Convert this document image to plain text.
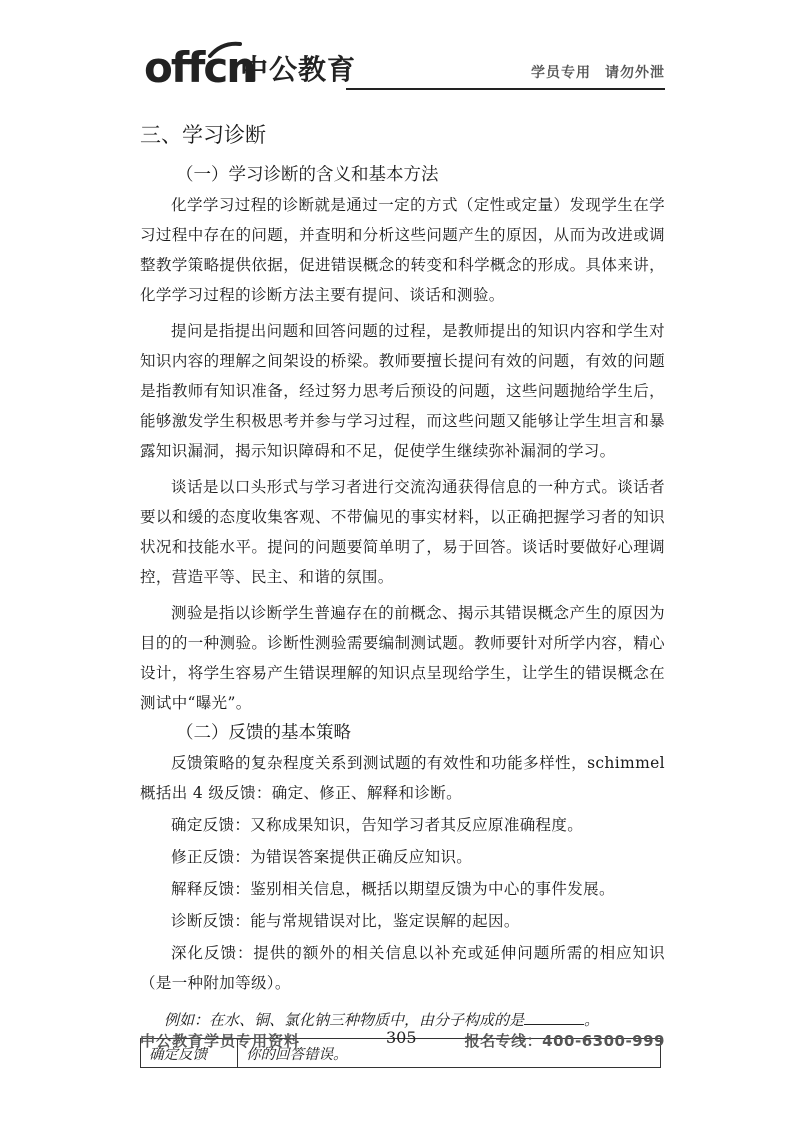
offcn
中公教育	学员专用 请勿外泄
三、学习诊断
（一）学习诊断的含义和基本方法

化学学习过程的诊断就是通过一定的方式（定性或定量）发现学生在学习过程中存在的问题，并查明和分析这些问题产生的原因，从而为改进或调整教学策略提供依据，促进错误概念的转变和科学概念的形成。具体来讲，化学学习过程的诊断方法主要有提问、谈话和测验。

提问是指提出问题和回答问题的过程，是教师提出的知识内容和学生对知识内容的理解之间架设的桥梁。教师要擅长提问有效的问题，有效的问题是指教师有知识准备，经过努力思考后预设的问题，这些问题抛给学生后，能够激发学生积极思考并参与学习过程，而这些问题又能够让学生坦言和暴露知识漏洞，揭示知识障碍和不足，促使学生继续弥补漏洞的学习。

谈话是以口头形式与学习者进行交流沟通获得信息的一种方式。谈话者要以和缓的态度收集客观、不带偏见的事实材料，以正确把握学习者的知识状况和技能水平。提问的问题要简单明了，易于回答。谈话时要做好心理调控，营造平等、民主、和谐的氛围。

测验是指以诊断学生普遍存在的前概念、揭示其错误概念产生的原因为目的的一种测验。诊断性测验需要编制测试题。教师要针对所学内容，精心设计，将学生容易产生错误理解的知识点呈现给学生，让学生的错误概念在测试中“曝光”。

（二）反馈的基本策略

反馈策略的复杂程度关系到测试题的有效性和功能多样性，schimmel 概括出 4 级反馈：确定、修正、解释和诊断。

确定反馈：又称成果知识，告知学习者其反应原准确程度。

修正反馈：为错误答案提供正确反应知识。

解释反馈：鉴别相关信息，概括以期望反馈为中心的事件发展。

诊断反馈：能与常规错误对比，鉴定误解的起因。

深化反馈：提供的额外的相关信息以补充或延伸问题所需的相应知识（是一种附加等级）。

例如：在水、铜、氯化钠三种物质中，由分子构成的是	。
确定反馈	你的回答错误。
中公教育学员专用资料	305	报名专线：400-6300-999
